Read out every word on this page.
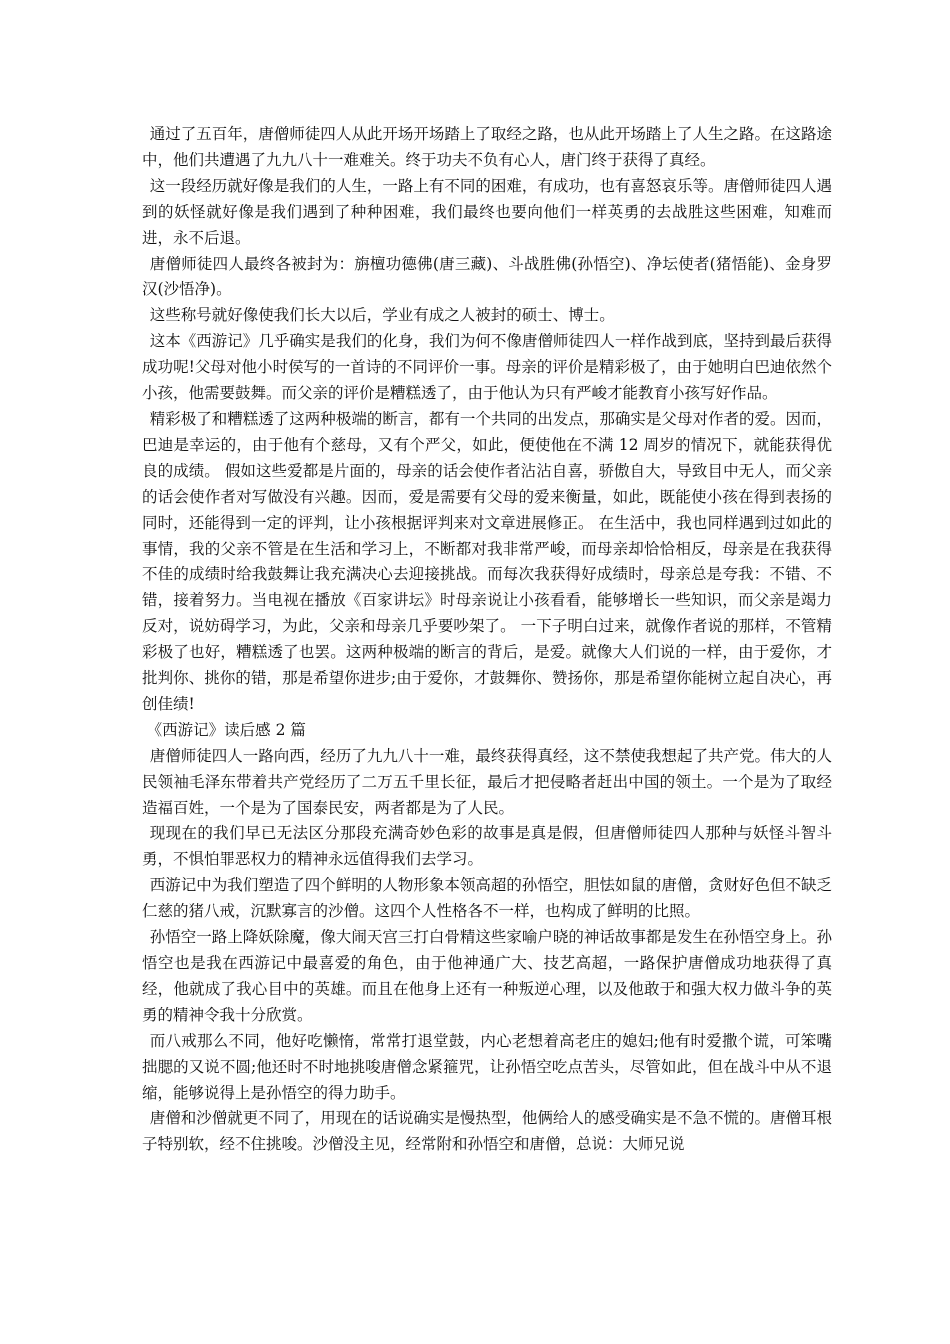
通过了五百年，唐僧师徒四人从此开场开场踏上了取经之路，也从此开场踏上了人生之路。在这路途中，他们共遭遇了九九八十一难难关。终于功夫不负有心人，唐门终于获得了真经。

这一段经历就好像是我们的人生，一路上有不同的困难，有成功，也有喜怒哀乐等。唐僧师徒四人遇到的妖怪就好像是我们遇到了种种困难，我们最终也要向他们一样英勇的去战胜这些困难，知难而进，永不后退。

唐僧师徒四人最终各被封为：旃檀功德佛(唐三藏)、斗战胜佛(孙悟空)、净坛使者(猪悟能)、金身罗汉(沙悟净)。

这些称号就好像使我们长大以后，学业有成之人被封的硕士、博士。

这本《西游记》几乎确实是我们的化身，我们为何不像唐僧师徒四人一样作战到底，坚持到最后获得成功呢!父母对他小时侯写的一首诗的不同评价一事。母亲的评价是精彩极了，由于她明白巴迪依然个小孩，他需要鼓舞。而父亲的评价是糟糕透了，由于他认为只有严峻才能教育小孩写好作品。

精彩极了和糟糕透了这两种极端的断言，都有一个共同的出发点，那确实是父母对作者的爱。因而，巴迪是幸运的，由于他有个慈母，又有个严父，如此，便使他在不满 12 周岁的情况下，就能获得优良的成绩。 假如这些爱都是片面的，母亲的话会使作者沾沾自喜，骄傲自大，导致目中无人，而父亲的话会使作者对写做没有兴趣。因而，爱是需要有父母的爱来衡量，如此，既能使小孩在得到表扬的同时，还能得到一定的评判，让小孩根据评判来对文章进展修正。 在生活中，我也同样遇到过如此的事情，我的父亲不管是在生活和学习上，不断都对我非常严峻，而母亲却恰恰相反，母亲是在我获得不佳的成绩时给我鼓舞让我充满决心去迎接挑战。而每次我获得好成绩时，母亲总是夸我：不错、不错，接着努力。当电视在播放《百家讲坛》时母亲说让小孩看看，能够增长一些知识，而父亲是竭力反对，说妨碍学习，为此，父亲和母亲几乎要吵架了。 一下子明白过来，就像作者说的那样，不管精彩极了也好，糟糕透了也罢。这两种极端的断言的背后，是爱。就像大人们说的一样，由于爱你，才批判你、挑你的错，那是希望你进步;由于爱你，才鼓舞你、赞扬你，那是希望你能树立起自决心，再创佳绩!

《西游记》读后感 2 篇

唐僧师徒四人一路向西，经历了九九八十一难，最终获得真经，这不禁使我想起了共产党。伟大的人民领袖毛泽东带着共产党经历了二万五千里长征，最后才把侵略者赶出中国的领土。一个是为了取经造福百姓，一个是为了国泰民安，两者都是为了人民。

现现在的我们早已无法区分那段充满奇妙色彩的故事是真是假，但唐僧师徒四人那种与妖怪斗智斗勇，不惧怕罪恶权力的精神永远值得我们去学习。

西游记中为我们塑造了四个鲜明的人物形象本领高超的孙悟空，胆怯如鼠的唐僧，贪财好色但不缺乏仁慈的猪八戒，沉默寡言的沙僧。这四个人性格各不一样，也构成了鲜明的比照。

孙悟空一路上降妖除魔，像大闹天宫三打白骨精这些家喻户晓的神话故事都是发生在孙悟空身上。孙悟空也是我在西游记中最喜爱的角色，由于他神通广大、技艺高超，一路保护唐僧成功地获得了真经，他就成了我心目中的英雄。而且在他身上还有一种叛逆心理，以及他敢于和强大权力做斗争的英勇的精神令我十分欣赏。

而八戒那么不同，他好吃懒惰，常常打退堂鼓，内心老想着高老庄的媳妇;他有时爱撒个谎，可笨嘴拙腮的又说不圆;他还时不时地挑唆唐僧念紧箍咒，让孙悟空吃点苦头，尽管如此，但在战斗中从不退缩，能够说得上是孙悟空的得力助手。

唐僧和沙僧就更不同了，用现在的话说确实是慢热型，他俩给人的感受确实是不急不慌的。唐僧耳根子特别软，经不住挑唆。沙僧没主见，经常附和孙悟空和唐僧，总说：大师兄说
